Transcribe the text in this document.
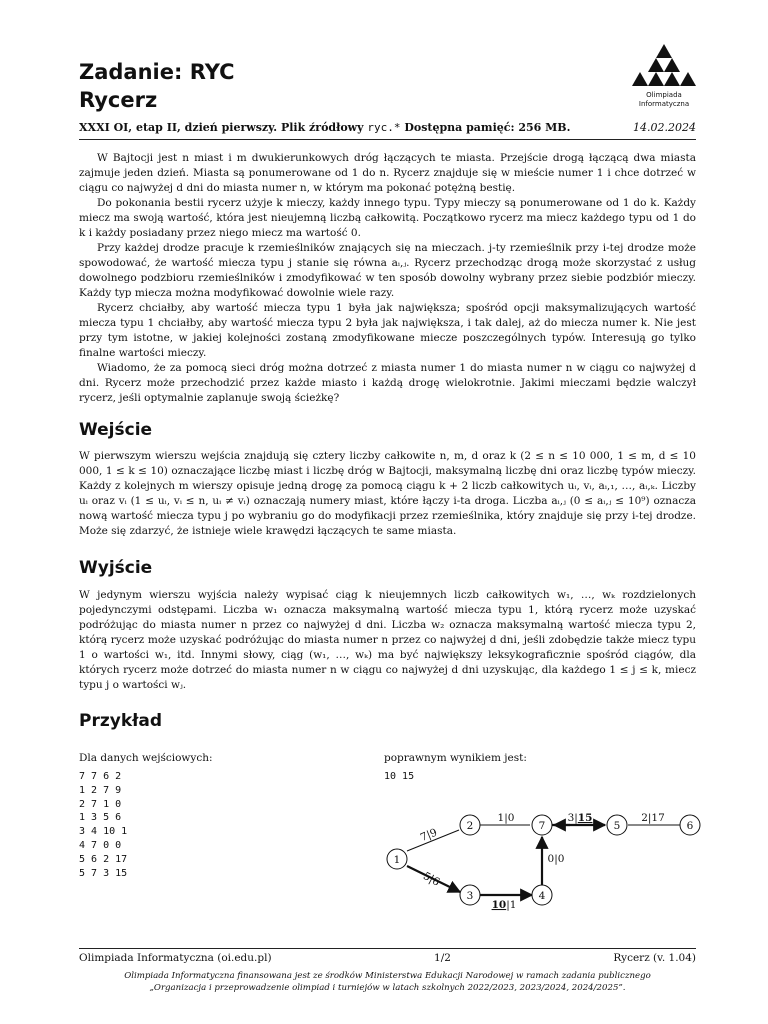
Zadanie: RYC
Rycerz	Olimpiada
Informatyczna
XXXI OI, etap II, dzień pierwszy. Plik źródłowy ryc.* Dostępna pamięć: 256 MB.	14.02.2024

W Bajtocji jest n miast i m dwukierunkowych dróg łączących te miasta. Przejście drogą łączącą dwa miasta zajmuje jeden dzień. Miasta są ponumerowane od 1 do n. Rycerz znajduje się w mieście numer 1 i chce dotrzeć w ciągu co najwyżej d dni do miasta numer n, w którym ma pokonać potężną bestię.

Do pokonania bestii rycerz użyje k mieczy, każdy innego typu. Typy mieczy są ponumerowane od 1 do k. Każdy miecz ma swoją wartość, która jest nieujemną liczbą całkowitą. Początkowo rycerz ma miecz każdego typu od 1 do k i każdy posiadany przez niego miecz ma wartość 0.

Przy każdej drodze pracuje k rzemieślników znających się na mieczach. j-ty rzemieślnik przy i-tej drodze może spowodować, że wartość miecza typu j stanie się równa aᵢ,ⱼ. Rycerz przechodząc drogą może skorzystać z usług dowolnego podzbioru rzemieślników i zmodyfikować w ten sposób dowolny wybrany przez siebie podzbiór mieczy. Każdy typ miecza można modyfikować dowolnie wiele razy.

Rycerz chciałby, aby wartość miecza typu 1 była jak największa; spośród opcji maksymalizujących wartość miecza typu 1 chciałby, aby wartość miecza typu 2 była jak największa, i tak dalej, aż do miecza numer k. Nie jest przy tym istotne, w jakiej kolejności zostaną zmodyfikowane miecze poszczególnych typów. Interesują go tylko finalne wartości mieczy.

Wiadomo, że za pomocą sieci dróg można dotrzeć z miasta numer 1 do miasta numer n w ciągu co najwyżej d dni. Rycerz może przechodzić przez każde miasto i każdą drogę wielokrotnie. Jakimi mieczami będzie walczył rycerz, jeśli optymalnie zaplanuje swoją ścieżkę?

Wejście

W pierwszym wierszu wejścia znajdują się cztery liczby całkowite n, m, d oraz k (2 ≤ n ≤ 10 000, 1 ≤ m, d ≤ 10 000, 1 ≤ k ≤ 10) oznaczające liczbę miast i liczbę dróg w Bajtocji, maksymalną liczbę dni oraz liczbę typów mieczy. Każdy z kolejnych m wierszy opisuje jedną drogę za pomocą ciągu k + 2 liczb całkowitych uᵢ, vᵢ, aᵢ,₁, …, aᵢ,ₖ. Liczby uᵢ oraz vᵢ (1 ≤ uᵢ, vᵢ ≤ n, uᵢ ≠ vᵢ) oznaczają numery miast, które łączy i-ta droga. Liczba aᵢ,ⱼ (0 ≤ aᵢ,ⱼ ≤ 10⁹) oznacza nową wartość miecza typu j po wybraniu go do modyfikacji przez rzemieślnika, który znajduje się przy i-tej drodze. Może się zdarzyć, że istnieje wiele krawędzi łączących te same miasta.

Wyjście

W jedynym wierszu wyjścia należy wypisać ciąg k nieujemnych liczb całkowitych w₁, …, wₖ rozdzielonych pojedynczymi odstępami. Liczba w₁ oznacza maksymalną wartość miecza typu 1, którą rycerz może uzyskać podróżując do miasta numer n przez co najwyżej d dni. Liczba w₂ oznacza maksymalną wartość miecza typu 2, którą rycerz może uzyskać podróżując do miasta numer n przez co najwyżej d dni, jeśli zdobędzie także miecz typu 1 o wartości w₁, itd. Innymi słowy, ciąg (w₁, …, wₖ) ma być największy leksykograficznie spośród ciągów, dla których rycerz może dotrzeć do miasta numer n w ciągu co najwyżej d dni uzyskując, dla każdego 1 ≤ j ≤ k, miecz typu j o wartości wⱼ.

Przykład
Dla danych wejściowych:	poprawnym wynikiem jest:
7 7 6 2
1 2 7 9
2 7 1 0
1 3 5 6
3 4 10 1
4 7 0 0
5 6 2 17
5 7 3 15
10 15
1
2
3	4
5	6
7
7|9
1|0
5|6
10|1
0|0
3|15	2|17
Olimpiada Informatyczna (oi.edu.pl)	1/2	Rycerz (v. 1.04)
Olimpiada Informatyczna finansowana jest ze środków Ministerstwa Edukacji Narodowej w ramach zadania publicznego
„Organizacja i przeprowadzenie olimpiad i turniejów w latach szkolnych 2022/2023, 2023/2024, 2024/2025”.
